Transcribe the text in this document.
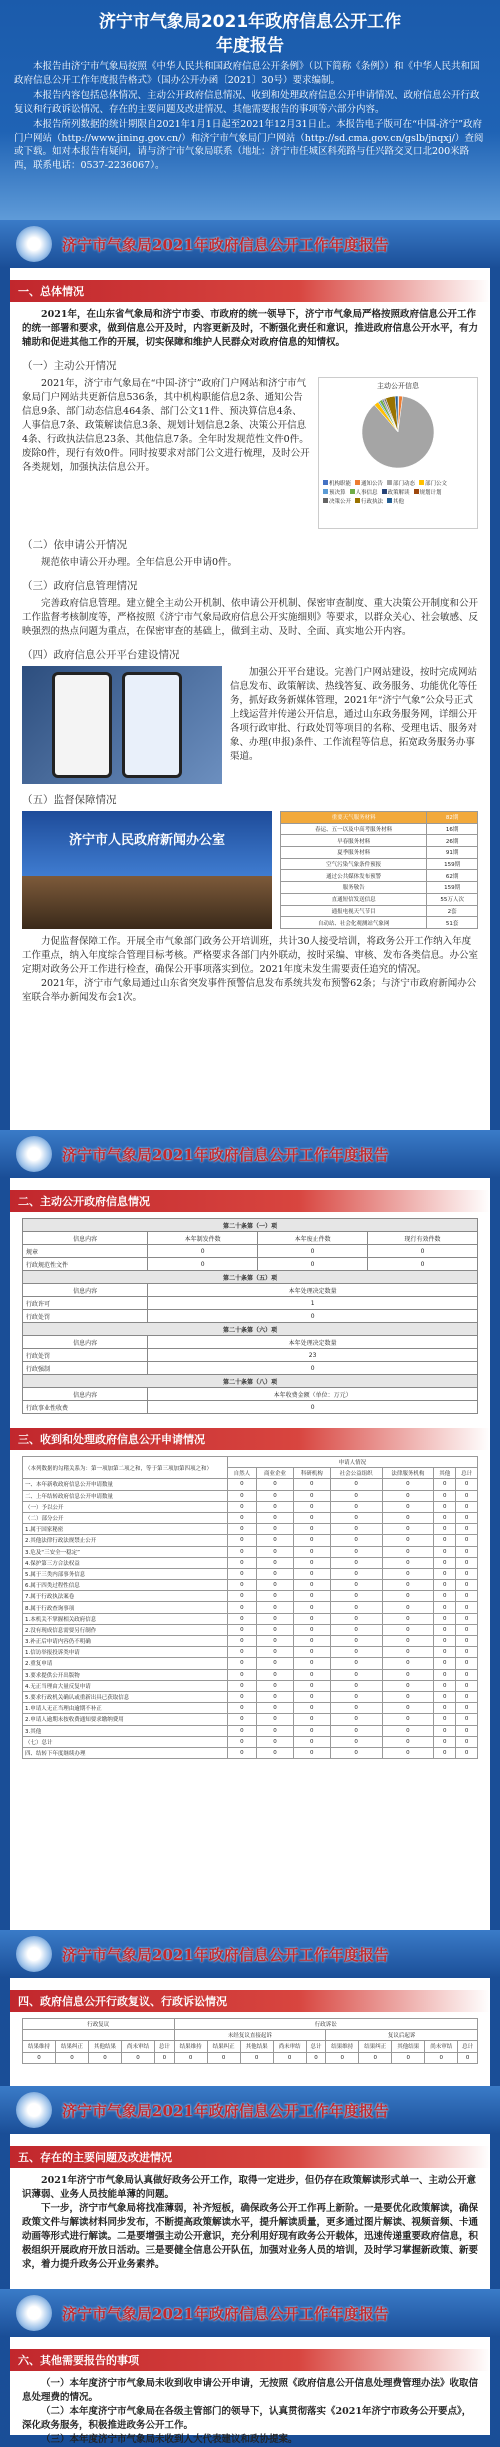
济宁市气象局2021年政府信息公开工作
年度报告

本报告由济宁市气象局按照《中华人民共和国政府信息公开条例》（以下简称《条例》）和《中华人民共和国政府信息公开工作年度报告格式》（国办公开办函〔2021〕30号）要求编制。

本报告内容包括总体情况、主动公开政府信息情况、收到和处理政府信息公开申请情况、政府信息公开行政复议和行政诉讼情况、存在的主要问题及改进情况、其他需要报告的事项等六部分内容。

本报告所列数据的统计期限自2021年1月1日起至2021年12月31日止。本报告电子版可在“中国-济宁”政府门户网站（http://www.jining.gov.cn/）和济宁市气象局门户网站（http://sd.cma.gov.cn/gslb/jnqxj/）查阅或下载。如对本报告有疑问，请与济宁市气象局联系（地址：济宁市任城区科苑路与任兴路交叉口北200米路西，联系电话：0537-2236067）。

济宁市气象局2021年政府信息公开工作年度报告
一、总体情况

2021年，在山东省气象局和济宁市委、市政府的统一领导下，济宁市气象局严格按照政府信息公开工作的统一部署和要求，做到信息公开及时，内容更新及时，不断强化责任和意识，推进政府信息公开水平，有力辅助和促进其他工作的开展，切实保障和维护人民群众对政府信息的知情权。

（一）主动公开情况

2021年，济宁市气象局在“中国-济宁”政府门户网站和济宁市气象局门户网站共更新信息536条，其中机构职能信息2条、通知公告信息9条、部门动态信息464条、部门公文11件、预决算信息4条、人事信息7条、政策解读信息3条、规划计划信息2条、决策公开信息4条、行政执法信息23条、其他信息7条。全年时发规范性文件0件。废除0件，现行有效0件。同时按要求对部门公文进行梳理，及时公开各类规划，加强执法信息公开。

主动公开信息
机构职能	通知公告	部门动态	部门公文
预决算	人事信息	政策解读	规划计划
决策公开	行政执法	其他
（二）依申请公开情况

规范依申请公开办理。全年信息公开申请0件。

（三）政府信息管理情况

完善政府信息管理。建立健全主动公开机制、依申请公开机制、保密审查制度、重大决策公开制度和公开工作监督考核制度等，严格按照《济宁市气象局政府信息公开实施细则》等要求，以群众关心、社会敏感、反映强烈的热点问题为重点，在保密审查的基础上，做到主动、及时、全面、真实地公开内容。

（四）政府信息公开平台建设情况

加强公开平台建设。完善门户网站建设，按时完成网站信息发布、政策解读、热线答复、政务服务、功能优化等任务，抓好政务新媒体管理，2021年“济宁气象”公众号正式上线运营并传递公开信息，通过山东政务服务网，详细公开各项行政审批、行政处罚等项目的名称、受理电话、服务对象、办理(申报)条件、工作流程等信息，拓宽政务服务办事渠道。

（五）监督保障情况
济宁市人民政府新闻办公室
重要天气服务材料	82期
春运、五一以及中高考服务材料	16期
早春服务材料	26期
夏季服务材料	91期
空气污染气象条件预报	159期
通过公共媒体发布预警	62期
服务敬告	159期
直通短信发送信息	55万人次
通报电视天气节目	2套
自动站、社会化观测站气象网	51套

力促监督保障工作。开展全市气象部门政务公开培训班，共计30人接受培训，将政务公开工作纳入年度工作重点，纳入年度综合管理目标考核。严格要求各部门内外联动，按时采编、审核、发布各类信息。办公室定期对政务公开工作进行检查，确保公开事项落实到位。2021年度未发生需要责任追究的情况。

2021年，济宁市气象局通过山东省突发事件预警信息发布系统共发布预警62条；与济宁市政府新闻办公室联合举办新闻发布会1次。

济宁市气象局2021年政府信息公开工作年度报告
二、主动公开政府信息情况
第二十条第（一）项			
信息内容	本年制发件数	本年废止件数	现行有效件数
规章	0	0	0
行政规范性文件	0	0	0
第二十条第（五）项			
信息内容	本年处理决定数量		
行政许可	1		
行政处罚	0		
第二十条第（六）项			
信息内容	本年处理决定数量		
行政处罚	23		
行政强制	0		
第二十条第（八）项			
信息内容	本年收费金额（单位：万元）		
行政事业性收费	0		
三、收到和处理政府信息公开申请情况
（本列数据的勾稽关系为：第一项加第二项之和，等于第三项加第四项之和）	申请人情况						
	自然人	商业企业	科研机构	社会公益组织	法律服务机构	其他	总计
一、本年新收政府信息公开申请数量	0	0	0	0	0	0	0
二、上年结转政府信息公开申请数量	0	0	0	0	0	0	0
（一）予以公开	0	0	0	0	0	0	0
（二）部分公开	0	0	0	0	0	0	0
1.属于国家秘密	0	0	0	0	0	0	0
2.其他法律行政法规禁止公开	0	0	0	0	0	0	0
3.危及“三安全一稳定”	0	0	0	0	0	0	0
4.保护第三方合法权益	0	0	0	0	0	0	0
5.属于三类内部事务信息	0	0	0	0	0	0	0
6.属于四类过程性信息	0	0	0	0	0	0	0
7.属于行政执法案卷	0	0	0	0	0	0	0
8.属于行政查询事项	0	0	0	0	0	0	0
1.本机关不掌握相关政府信息	0	0	0	0	0	0	0
2.没有现成信息需要另行制作	0	0	0	0	0	0	0
3.补正后申请内容仍不明确	0	0	0	0	0	0	0
1.信访举报投诉类申请	0	0	0	0	0	0	0
2.重复申请	0	0	0	0	0	0	0
3.要求提供公开出版物	0	0	0	0	0	0	0
4.无正当理由大量反复申请	0	0	0	0	0	0	0
5.要求行政机关确认或重新出具已获取信息	0	0	0	0	0	0	0
1.申请人无正当理由逾期不补正	0	0	0	0	0	0	0
2.申请人逾期未按收费通知要求缴纳费用	0	0	0	0	0	0	0
3.其他	0	0	0	0	0	0	0
（七）总计	0	0	0	0	0	0	0
四、结转下年度继续办理	0	0	0	0	0	0	0
济宁市气象局2021年政府信息公开工作年度报告
四、政府信息公开行政复议、行政诉讼情况
行政复议					行政诉讼									
					未经复议直接起诉					复议后起诉				

结果维持	结果纠正	其他结果	尚未审结	总计	结果维持	结果纠正	其他结果	尚未审结	总计	结果维持	结果纠正	其他结果	尚未审结	总计
0	0	0	0	0	0	0	0	0	0	0	0	0	0	0
济宁市气象局2021年政府信息公开工作年度报告
五、存在的主要问题及改进情况

2021年济宁市气象局认真做好政务公开工作，取得一定进步，但仍存在政策解读形式单一、主动公开意识薄弱、业务人员技能单薄的问题。

下一步，济宁市气象局将找准薄弱，补齐短板，确保政务公开工作再上新阶。一是要优化政策解读，确保政策文件与解读材料同步发布，不断提高政策解读水平，提升解读质量，更多通过图片解读、视频音频、卡通动画等形式进行解读。二是要增强主动公开意识，充分利用好现有政务公开载体，迅速传递重要政府信息，积极组织开展政府开放日活动。三是要健全信息公开队伍，加强对业务人员的培训，及时学习掌握新政策、新要求，着力提升政务公开业务素养。

济宁市气象局2021年政府信息公开工作年度报告
六、其他需要报告的事项

（一）本年度济宁市气象局未收到收申请公开申请，无按照《政府信息公开信息处理费管理办法》收取信息处理费的情况。

（二）本年度济宁市气象局在各级主管部门的领导下，认真贯彻落实《2021年济宁市政务公开要点》，深化政务服务，积极推进政务公开工作。

（三）本年度济宁市气象局未收到人大代表建议和政协提案。
